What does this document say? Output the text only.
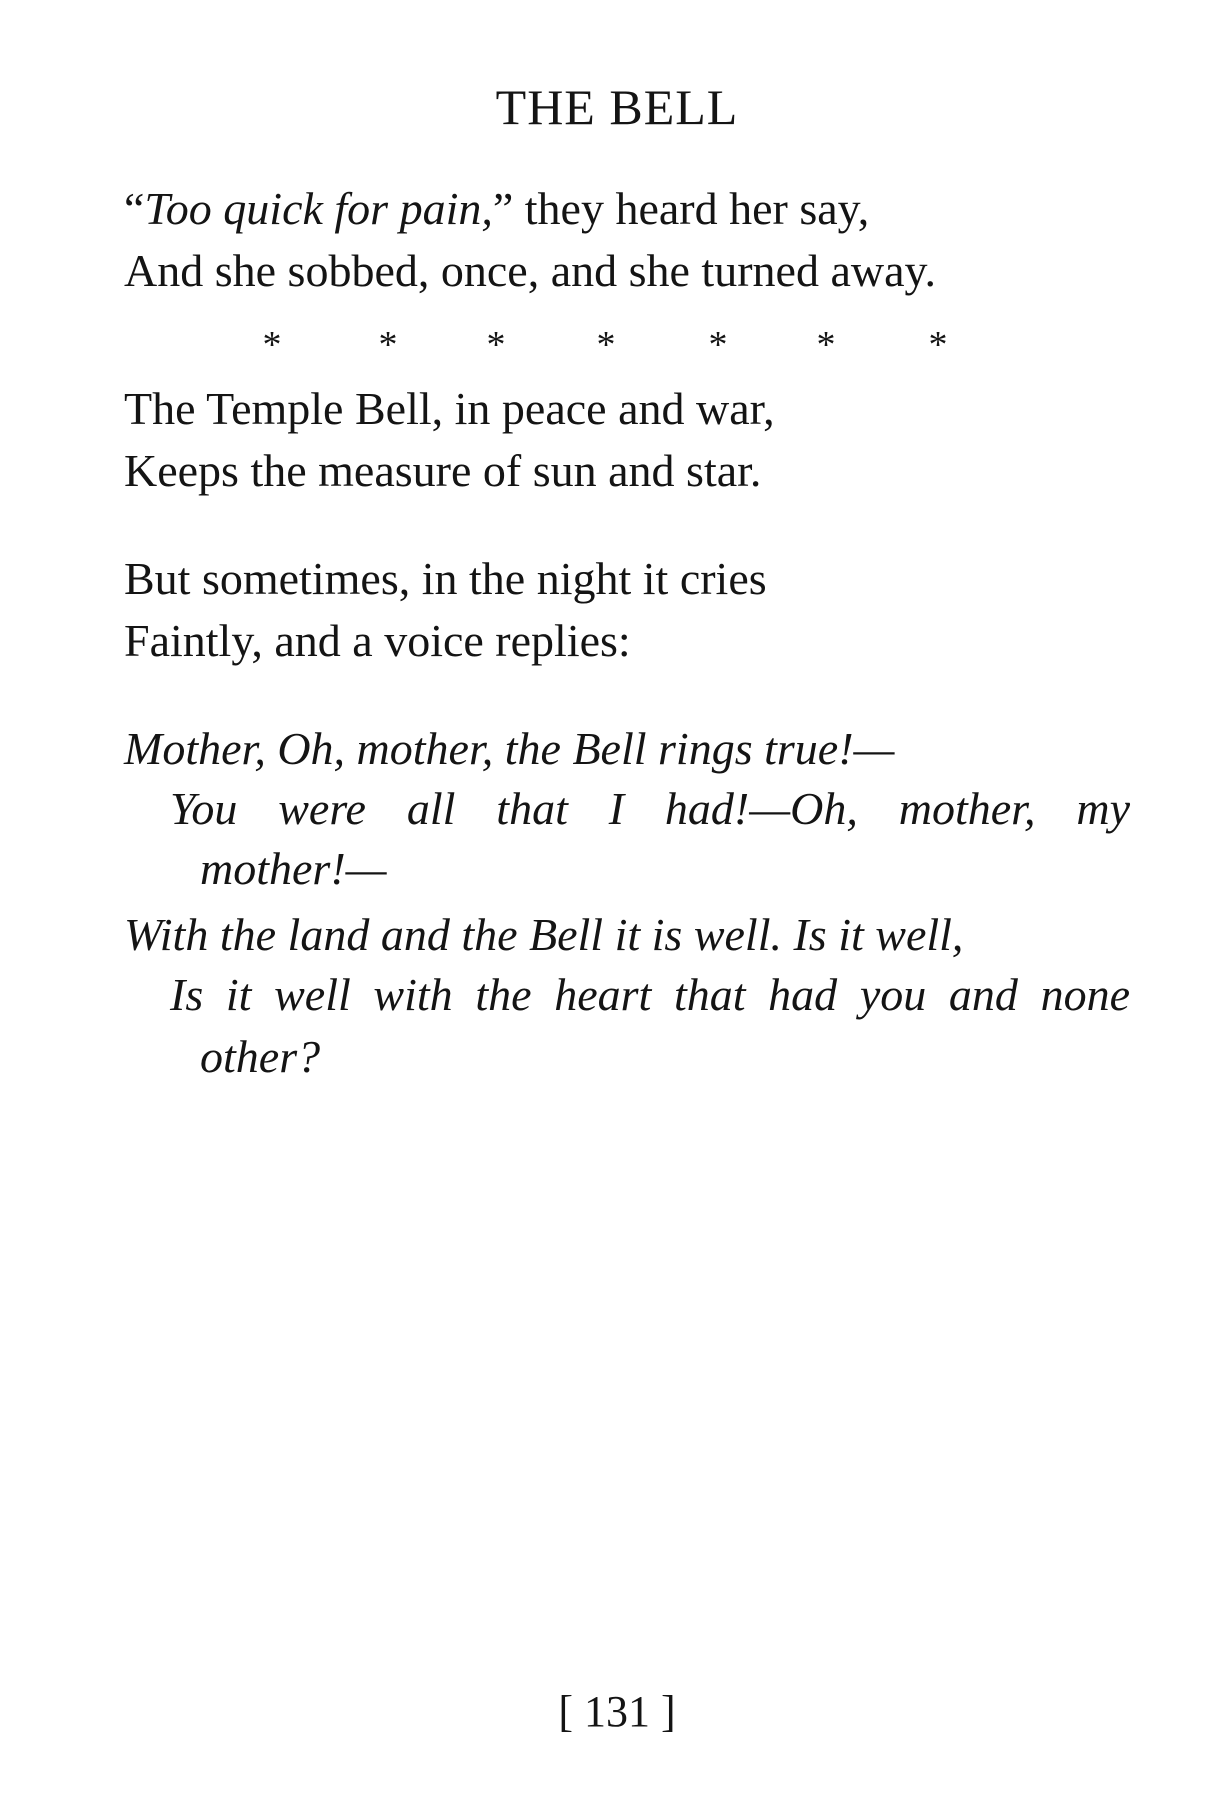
THE BELL
“Too quick for pain,” they heard her say,
And she sobbed, once, and she turned away.
*	* * * * * *
The Temple Bell, in peace and war,
Keeps the measure of sun and star.
But sometimes, in the night it cries
Faintly, and a voice replies:
Mother, Oh, mother, the Bell rings true!—
You were all that I had!—Oh, mother, my
mother!—
With the land and the Bell it is well. Is it well,
Is it well with the heart that had you and none
other?
[ 131 ]
